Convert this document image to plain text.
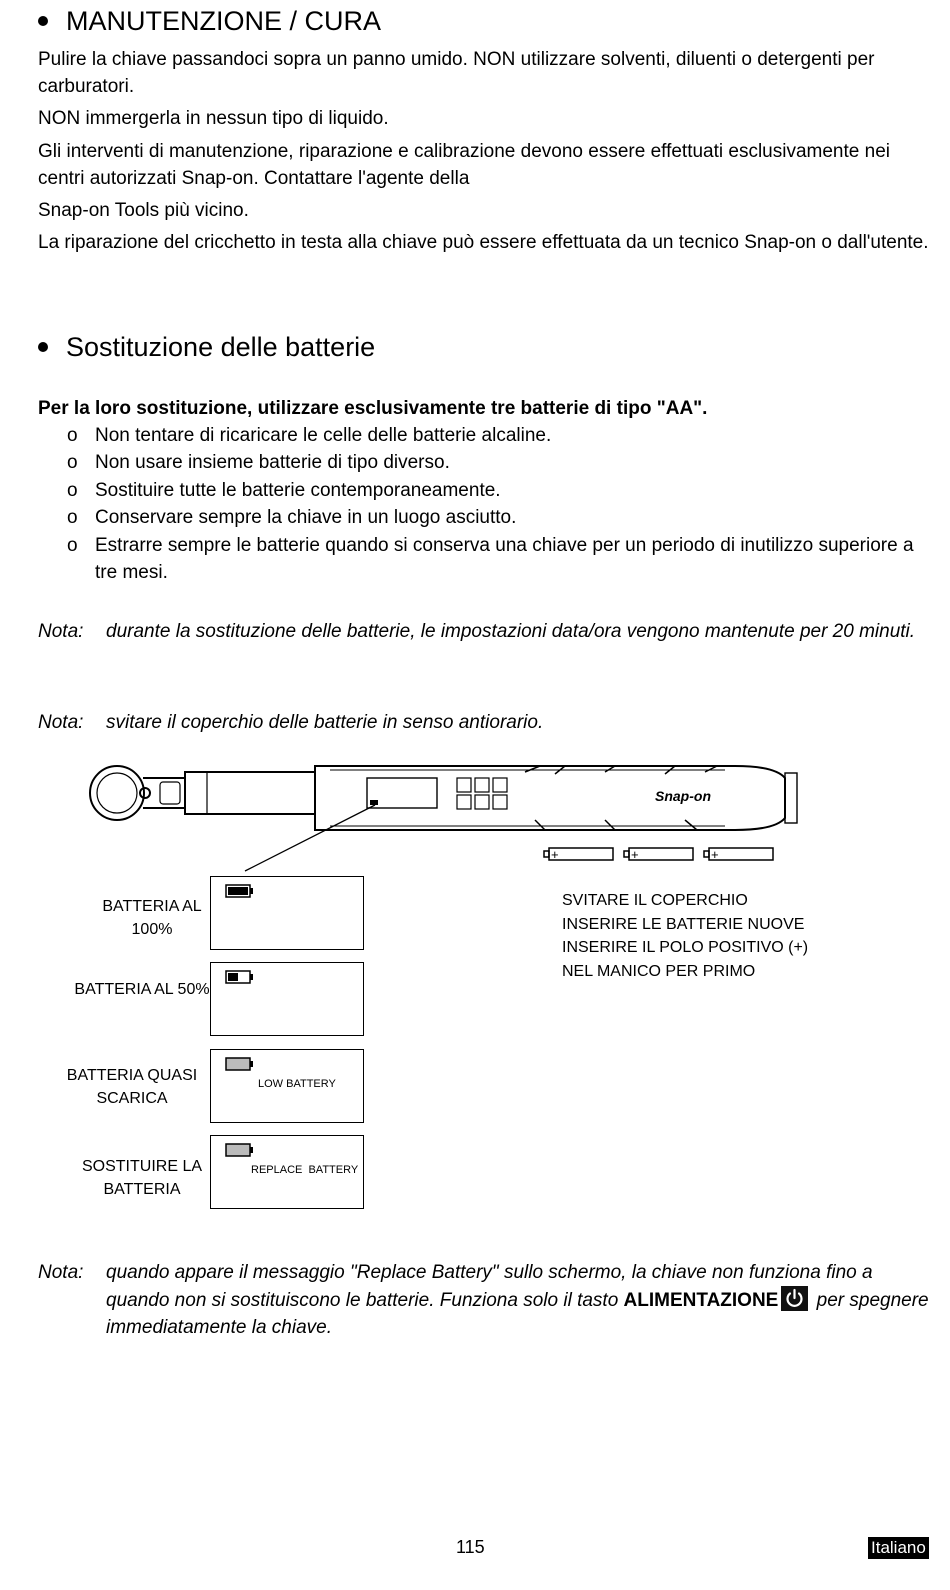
MANUTENZIONE / CURA
Pulire la chiave passandoci sopra un panno umido. NON utilizzare solventi, diluenti o detergenti per carburatori.
NON immergerla in nessun tipo di liquido.
Gli interventi di manutenzione, riparazione e calibrazione devono essere effettuati esclusivamente nei centri autorizzati Snap-on. Contattare l'agente della
Snap-on Tools più vicino.
La riparazione del cricchetto in testa alla chiave può essere effettuata da un tecnico Snap-on o dall'utente.
Sostituzione delle batterie
Per la loro sostituzione, utilizzare esclusivamente tre batterie di tipo "AA".
o Non tentare di ricaricare le celle delle batterie alcaline.
o Non usare insieme batterie di tipo diverso.
o Sostituire tutte le batterie contemporaneamente.
o Conservare sempre la chiave in un luogo asciutto.
o Estrarre sempre le batterie quando si conserva una chiave per un periodo di inutilizzo superiore a tre mesi.
Nota: durante la sostituzione delle batterie, le impostazioni data/ora vengono mantenute per 20 minuti.
Nota: svitare il coperchio delle batterie in senso antiorario.
Snap-on
+	+	+
BATTERIA AL 100%
BATTERIA AL 50%
BATTERIA QUASI SCARICA
SOSTITUIRE LA BATTERIA
LOW BATTERY
REPLACE  BATTERY
SVITARE IL COPERCHIO
INSERIRE LE BATTERIE NUOVE
INSERIRE IL POLO POSITIVO (+)
NEL MANICO PER PRIMO
Nota: quando appare il messaggio "Replace Battery" sullo schermo, la chiave non funziona fino a quando non si sostituiscono le batterie. Funziona solo il tasto ALIMENTAZIONE per spegnere immediatamente la chiave.
115	Italiano
